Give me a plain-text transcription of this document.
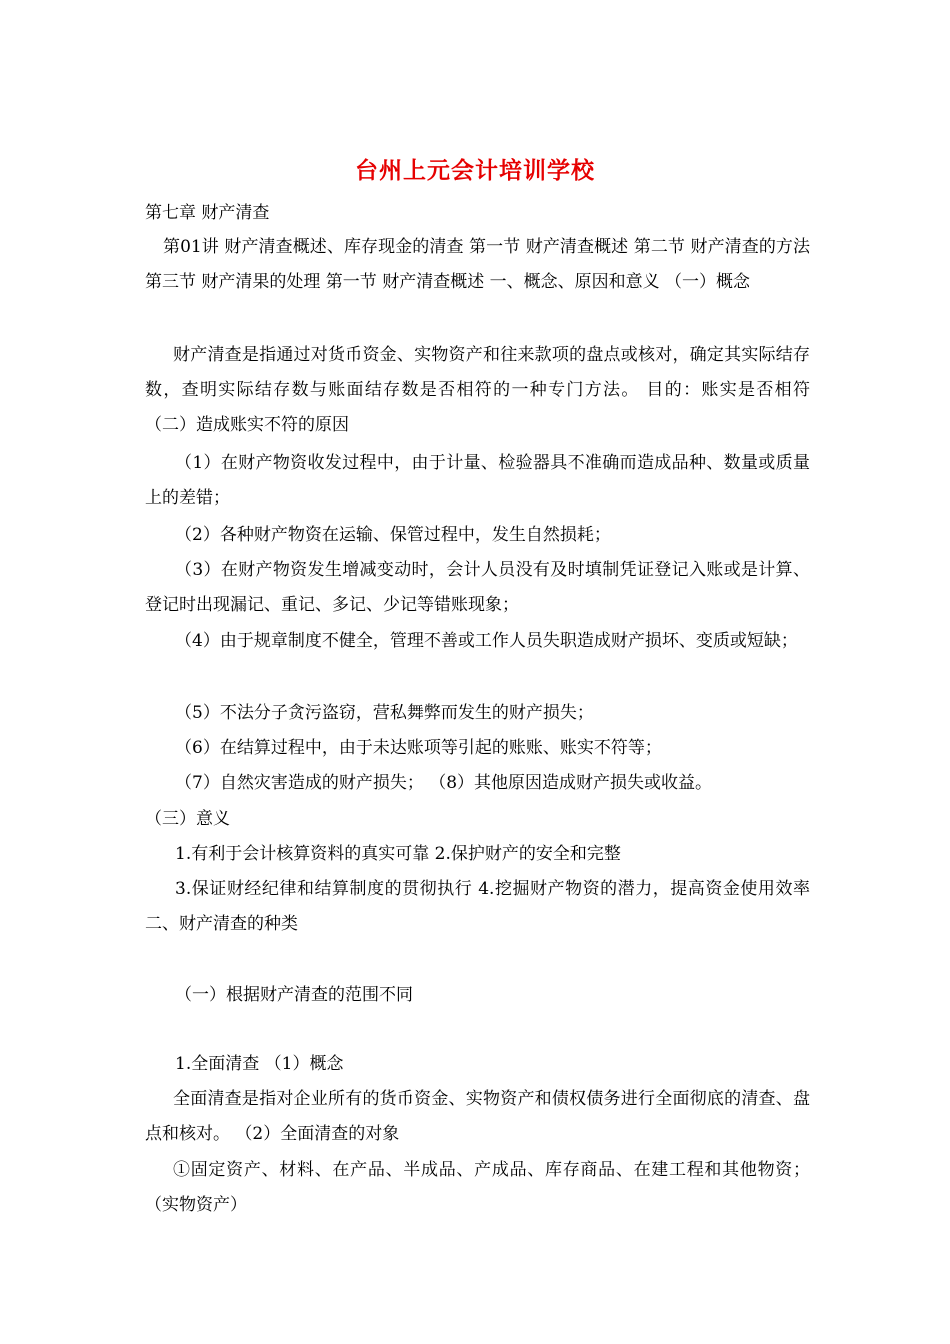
台州上元会计培训学校

第七章 财产清查

第01讲 财产清查概述、库存现金的清查 第一节 财产清查概述 第二节 财产清查的方法 第三节 财产清果的处理 第一节 财产清查概述 一、概念、原因和意义 （一）概念

财产清查是指通过对货币资金、实物资产和往来款项的盘点或核对，确定其实际结存数，查明实际结存数与账面结存数是否相符的一种专门方法。 目的：账实是否相符 （二）造成账实不符的原因

（1）在财产物资收发过程中，由于计量、检验器具不准确而造成品种、数量或质量上的差错；

（2）各种财产物资在运输、保管过程中，发生自然损耗；

（3）在财产物资发生增减变动时，会计人员没有及时填制凭证登记入账或是计算、登记时出现漏记、重记、多记、少记等错账现象；

（4）由于规章制度不健全，管理不善或工作人员失职造成财产损坏、变质或短缺；

（5）不法分子贪污盗窃，营私舞弊而发生的财产损失；

（6）在结算过程中，由于未达账项等引起的账账、账实不符等；

（7）自然灾害造成的财产损失； （8）其他原因造成财产损失或收益。

（三）意义

1.有利于会计核算资料的真实可靠 2.保护财产的安全和完整

3.保证财经纪律和结算制度的贯彻执行 4.挖掘财产物资的潜力，提高资金使用效率 二、财产清查的种类

（一）根据财产清查的范围不同

1.全面清查 （1）概念

全面清查是指对企业所有的货币资金、实物资产和债权债务进行全面彻底的清查、盘点和核对。 （2）全面清查的对象

①固定资产、材料、在产品、半成品、产成品、库存商品、在建工程和其他物资；（实物资产）
